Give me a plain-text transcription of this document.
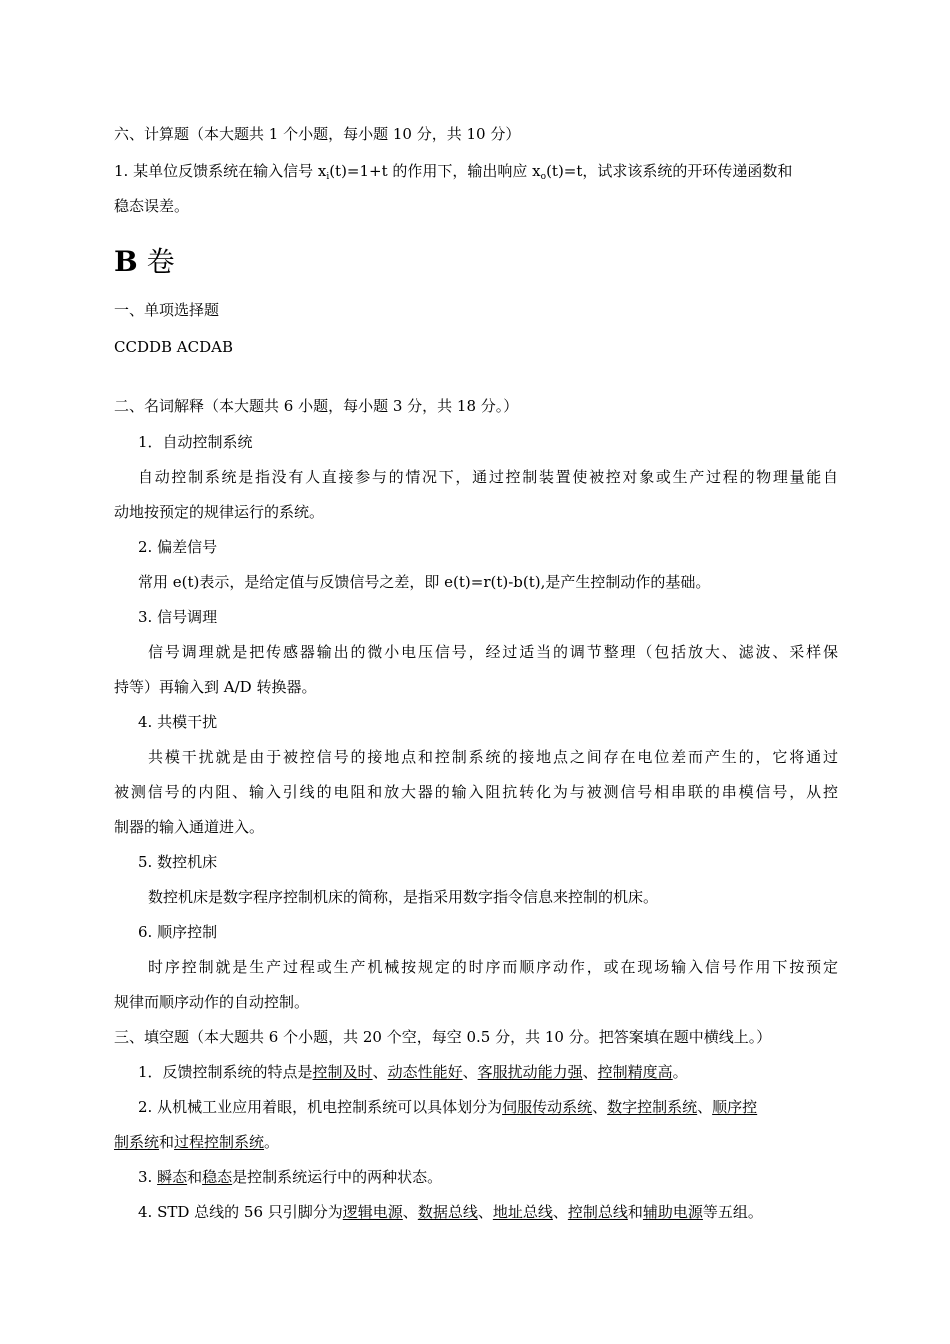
六、计算题（本大题共 1 个小题，每小题 10 分，共 10 分）
1. 某单位反馈系统在输入信号 $x_i(t)=1+t$ 的作用下，输出响应 $x_o(t)=t$，试求该系统的开环传递函数和
稳态误差。
B 卷
一、单项选择题
CCDDB ACDAB
二、名词解释（本大题共 6 小题，每小题 3 分，共 18 分。）
1．自动控制系统
自动控制系统是指没有人直接参与的情况下，通过控制装置使被控对象或生产过程的物理量能自
动地按预定的规律运行的系统。
2. 偏差信号
常用 e(t)表示，是给定值与反馈信号之差，即 e(t)=r(t)-b(t),是产生控制动作的基础。
3. 信号调理
信号调理就是把传感器输出的微小电压信号，经过适当的调节整理（包括放大、滤波、采样保
持等）再输入到 A/D 转换器。
4. 共模干扰
共模干扰就是由于被控信号的接地点和控制系统的接地点之间存在电位差而产生的，它将通过
被测信号的内阻、输入引线的电阻和放大器的输入阻抗转化为与被测信号相串联的串模信号，从控
制器的输入通道进入。
5. 数控机床
数控机床是数字程序控制机床的简称，是指采用数字指令信息来控制的机床。
6. 顺序控制
时序控制就是生产过程或生产机械按规定的时序而顺序动作，或在现场输入信号作用下按预定
规律而顺序动作的自动控制。
三、填空题（本大题共 6 个小题，共 20 个空，每空 0.5 分，共 10 分。把答案填在题中横线上。）
1．反馈控制系统的特点是控制及时、动态性能好、客服扰动能力强、控制精度高。
2. 从机械工业应用着眼，机电控制系统可以具体划分为伺服传动系统、数字控制系统、顺序控
制系统和过程控制系统。
3. 瞬态和稳态是控制系统运行中的两种状态。
4. STD 总线的 56 只引脚分为逻辑电源、数据总线、地址总线、控制总线和辅助电源等五组。
